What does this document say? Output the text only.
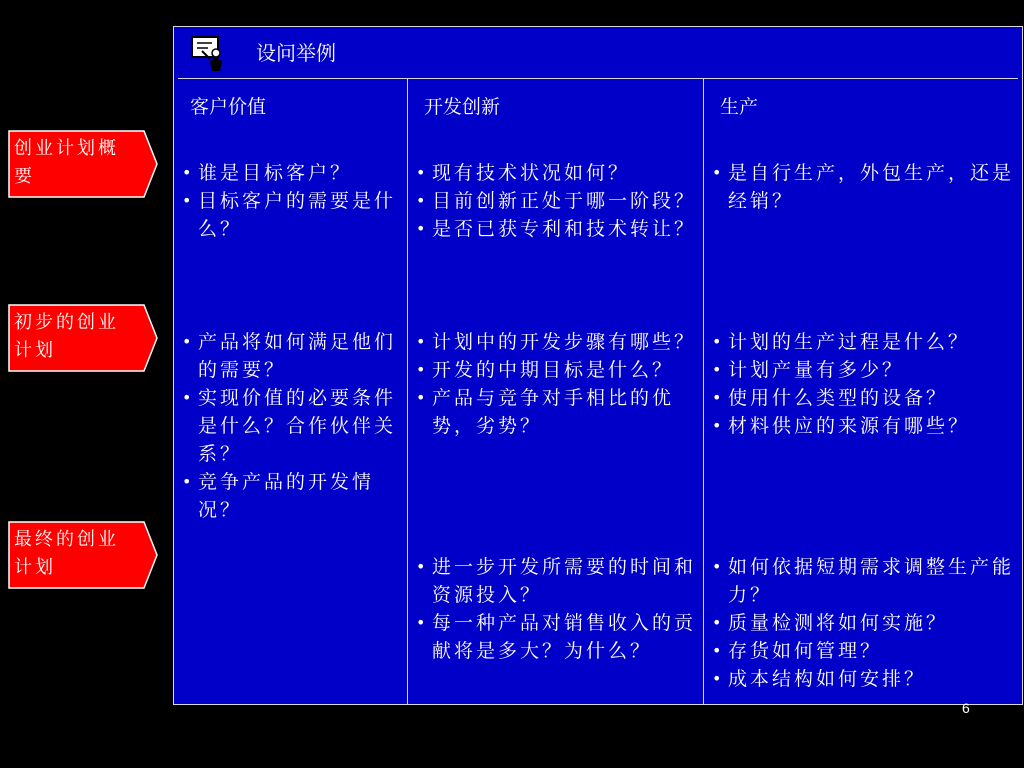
创业计划概要
初步的创业计划
最终的创业计划
设问举例
客户价值
• 谁是目标客户？
• 目标客户的需要是什么？
• 产品将如何满足他们的需要？
• 实现价值的必要条件是什么？合作伙伴关系？
• 竞争产品的开发情况？
开发创新
• 现有技术状况如何？
• 目前创新正处于哪一阶段？
• 是否已获专利和技术转让？
• 计划中的开发步骤有哪些？
• 开发的中期目标是什么？
• 产品与竞争对手相比的优势，劣势？
• 进一步开发所需要的时间和资源投入？
• 每一种产品对销售收入的贡献将是多大？为什么？
生产
• 是自行生产，外包生产，还是经销？
• 计划的生产过程是什么？
• 计划产量有多少？
• 使用什么类型的设备？
• 材料供应的来源有哪些？
• 如何依据短期需求调整生产能力？
• 质量检测将如何实施？
• 存货如何管理？
• 成本结构如何安排？
6
